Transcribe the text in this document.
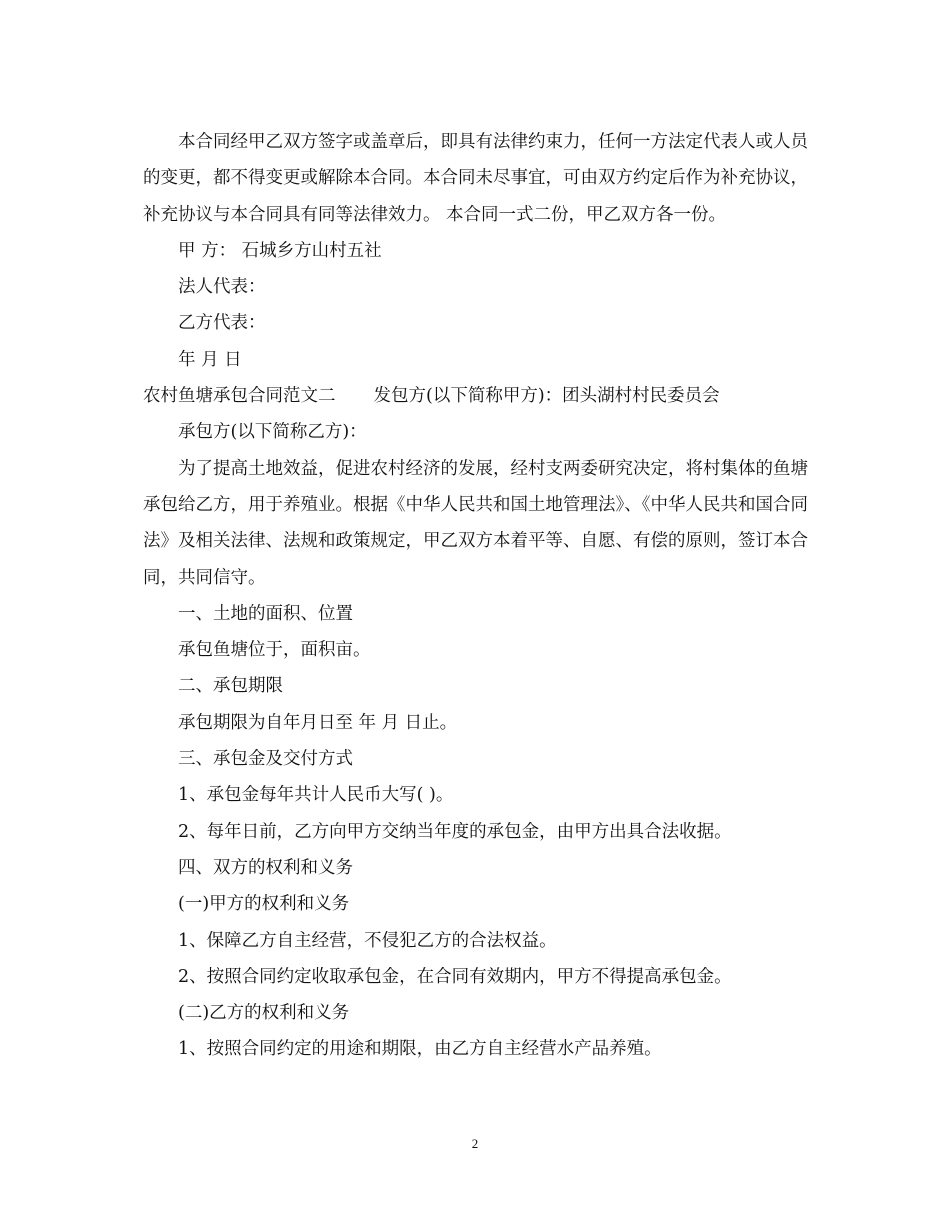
本合同经甲乙双方签字或盖章后，即具有法律约束力，任何一方法定代表人或人员的变更，都不得变更或解除本合同。本合同未尽事宜，可由双方约定后作为补充协议，补充协议与本合同具有同等法律效力。 本合同一式二份，甲乙双方各一份。

甲 方： 石城乡方山村五社

法人代表：

乙方代表：

年 月 日

农村鱼塘承包合同范文二 发包方(以下简称甲方)：团头湖村村民委员会

承包方(以下简称乙方)：

为了提高土地效益，促进农村经济的发展，经村支两委研究决定，将村集体的鱼塘承包给乙方，用于养殖业。根据《中华人民共和国土地管理法》、《中华人民共和国合同法》及相关法律、法规和政策规定，甲乙双方本着平等、自愿、有偿的原则，签订本合同，共同信守。

一、土地的面积、位置

承包鱼塘位于，面积亩。

二、承包期限

承包期限为自年月日至 年 月 日止。

三、承包金及交付方式

1、承包金每年共计人民币大写( )。

2、每年日前，乙方向甲方交纳当年度的承包金，由甲方出具合法收据。

四、双方的权利和义务

(一)甲方的权利和义务

1、保障乙方自主经营，不侵犯乙方的合法权益。

2、按照合同约定收取承包金，在合同有效期内，甲方不得提高承包金。

(二)乙方的权利和义务

1、按照合同约定的用途和期限，由乙方自主经营水产品养殖。

2
